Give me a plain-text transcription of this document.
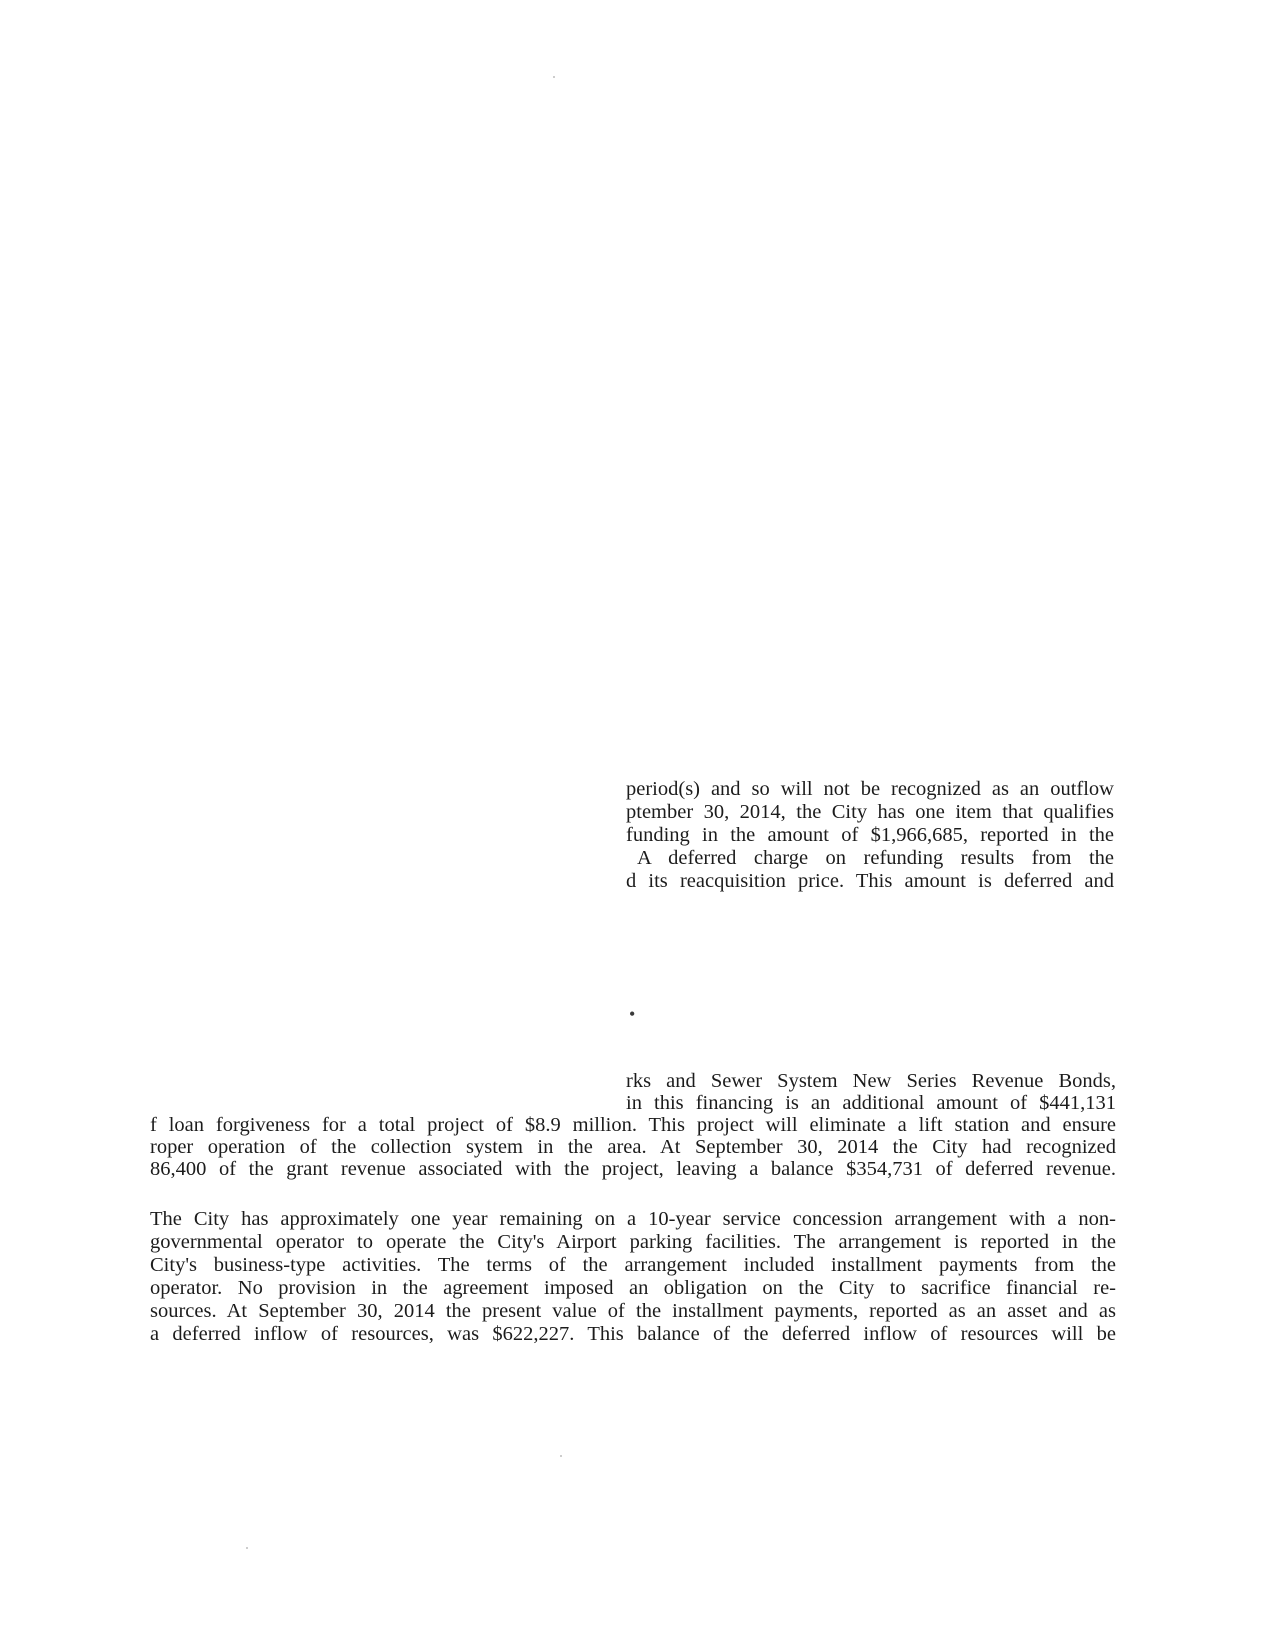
period(s) and so will not be recognized as an outflow
ptember 30, 2014, the City has one item that qualifies
funding in the amount of $1,966,685, reported in the
A deferred charge on refunding results from the
d its reacquisition price. This amount is deferred and
•
rks and Sewer System New Series Revenue Bonds,
in this financing is an additional amount of $441,131
f loan forgiveness for a total project of $8.9 million. This project will eliminate a lift station and ensure
roper operation of the collection system in the area. At September 30, 2014 the City had recognized
86,400 of the grant revenue associated with the project, leaving a balance $354,731 of deferred revenue.
The City has approximately one year remaining on a 10-year service concession arrangement with a non-
governmental operator to operate the City's Airport parking facilities. The arrangement is reported in the
City's business-type activities. The terms of the arrangement included installment payments from the
operator. No provision in the agreement imposed an obligation on the City to sacrifice financial re-
sources. At September 30, 2014 the present value of the installment payments, reported as an asset and as
a deferred inflow of resources, was $622,227. This balance of the deferred inflow of resources will be
